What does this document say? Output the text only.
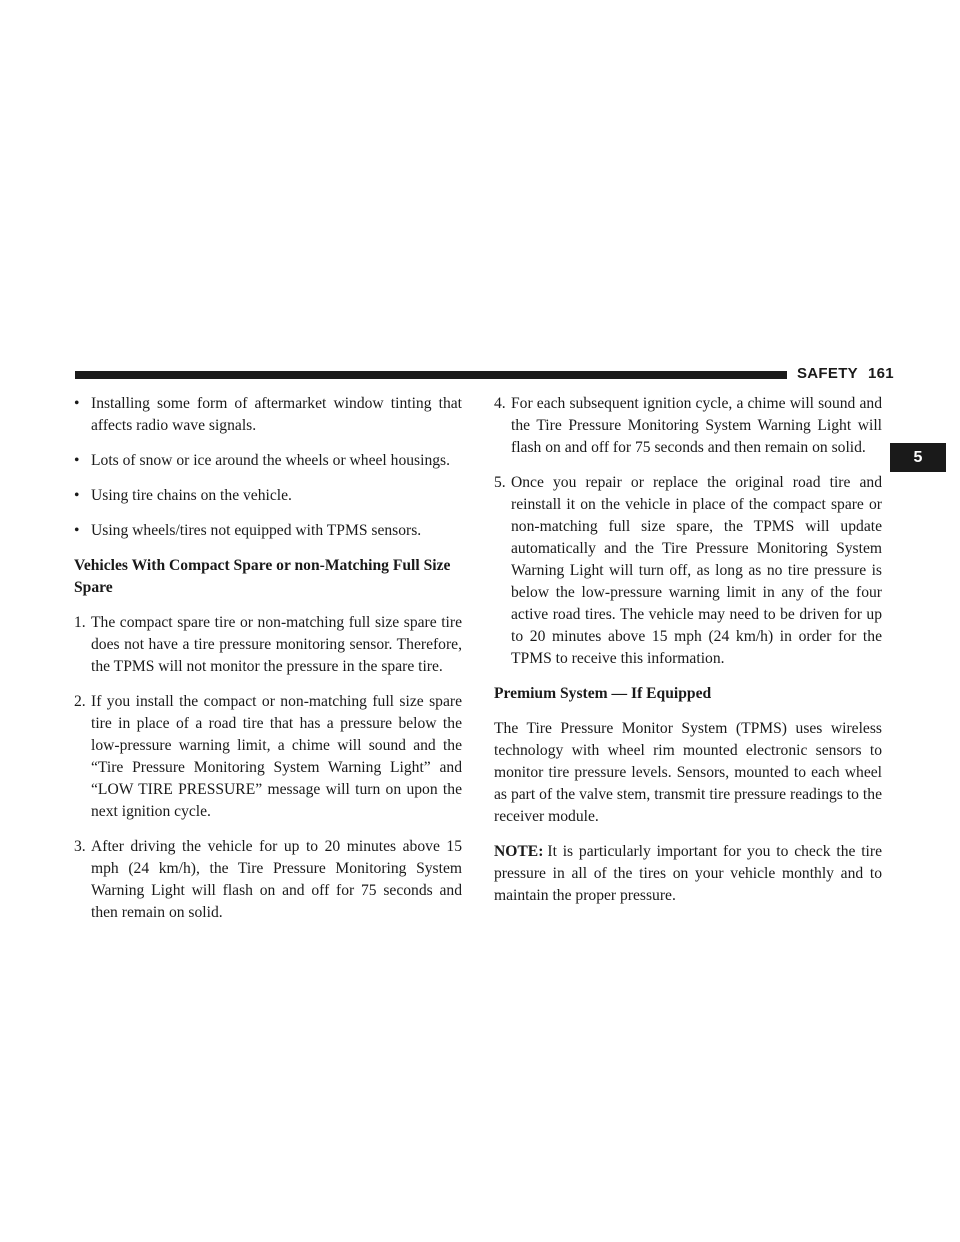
SAFETY 161
5

• Installing some form of aftermarket window tinting that affects radio wave signals.

• Lots of snow or ice around the wheels or wheel housings.

• Using tire chains on the vehicle.

• Using wheels/tires not equipped with TPMS sensors.

Vehicles With Compact Spare or non-Matching Full Size Spare

1. The compact spare tire or non-matching full size spare tire does not have a tire pressure monitoring sensor. Therefore, the TPMS will not monitor the pressure in the spare tire.

2. If you install the compact or non-matching full size spare tire in place of a road tire that has a pressure below the low-pressure warning limit, a chime will sound and the “Tire Pressure Monitoring System Warning Light” and “LOW TIRE PRESSURE” message will turn on upon the next ignition cycle.

3. After driving the vehicle for up to 20 minutes above 15 mph (24 km/h), the Tire Pressure Monitoring System Warning Light will flash on and off for 75 seconds and then remain on solid.

4. For each subsequent ignition cycle, a chime will sound and the Tire Pressure Monitoring System Warning Light will flash on and off for 75 seconds and then remain on solid.

5. Once you repair or replace the original road tire and reinstall it on the vehicle in place of the compact spare or non-matching full size spare, the TPMS will update automatically and the Tire Pressure Monitoring System Warning Light will turn off, as long as no tire pressure is below the low-pressure warning limit in any of the four active road tires. The vehicle may need to be driven for up to 20 minutes above 15 mph (24 km/h) in order for the TPMS to receive this information.

Premium System — If Equipped

The Tire Pressure Monitor System (TPMS) uses wireless technology with wheel rim mounted electronic sensors to monitor tire pressure levels. Sensors, mounted to each wheel as part of the valve stem, transmit tire pressure readings to the receiver module.

NOTE: It is particularly important for you to check the tire pressure in all of the tires on your vehicle monthly and to maintain the proper pressure.
